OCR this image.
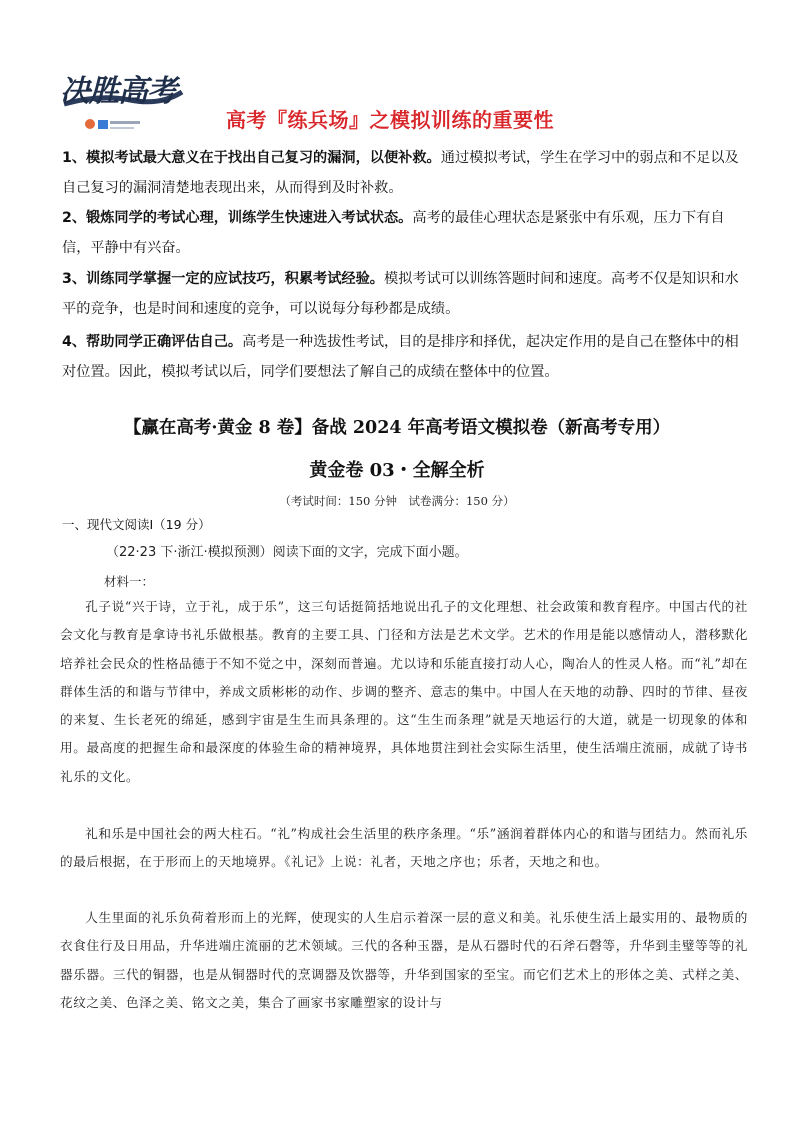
决胜高考
高考『练兵场』之模拟训练的重要性
1、模拟考试最大意义在于找出自己复习的漏洞，以便补救。通过模拟考试，学生在学习中的弱点和不足以及自己复习的漏洞清楚地表现出来，从而得到及时补救。
2、锻炼同学的考试心理，训练学生快速进入考试状态。高考的最佳心理状态是紧张中有乐观，压力下有自信，平静中有兴奋。
3、训练同学掌握一定的应试技巧，积累考试经验。模拟考试可以训练答题时间和速度。高考不仅是知识和水平的竞争，也是时间和速度的竞争，可以说每分每秒都是成绩。
4、帮助同学正确评估自己。高考是一种选拔性考试，目的是排序和择优，起决定作用的是自己在整体中的相对位置。因此，模拟考试以后，同学们要想法了解自己的成绩在整体中的位置。
【赢在高考·黄金 8 卷】备战 2024 年高考语文模拟卷（新高考专用）
黄金卷 03・全解全析
（考试时间：150 分钟　试卷满分：150 分）
一、现代文阅读Ⅰ（19 分）
（22·23 下·浙江·模拟预测）阅读下面的文字，完成下面小题。
材料一：
孔子说“兴于诗，立于礼，成于乐”，这三句话挺简括地说出孔子的文化理想、社会政策和教育程序。中国古代的社会文化与教育是拿诗书礼乐做根基。教育的主要工具、门径和方法是艺术文学。艺术的作用是能以感情动人，潜移默化培养社会民众的性格品德于不知不觉之中，深刻而普遍。尤以诗和乐能直接打动人心，陶冶人的性灵人格。而“礼”却在群体生活的和谐与节律中，养成文质彬彬的动作、步调的整齐、意志的集中。中国人在天地的动静、四时的节律、昼夜的来复、生长老死的绵延，感到宇宙是生生而具条理的。这“生生而条理”就是天地运行的大道，就是一切现象的体和用。最高度的把握生命和最深度的体验生命的精神境界，具体地贯注到社会实际生活里，使生活端庄流丽，成就了诗书礼乐的文化。
礼和乐是中国社会的两大柱石。“礼”构成社会生活里的秩序条理。“乐”涵润着群体内心的和谐与团结力。然而礼乐的最后根据，在于形而上的天地境界。《礼记》上说：礼者，天地之序也；乐者，天地之和也。
人生里面的礼乐负荷着形而上的光辉，使现实的人生启示着深一层的意义和美。礼乐使生活上最实用的、最物质的衣食住行及日用品，升华进端庄流丽的艺术领域。三代的各种玉器，是从石器时代的石斧石磬等，升华到圭璧等等的礼器乐器。三代的铜器，也是从铜器时代的烹调器及饮器等，升华到国家的至宝。而它们艺术上的形体之美、式样之美、花纹之美、色泽之美、铭文之美，集合了画家书家雕塑家的设计与
